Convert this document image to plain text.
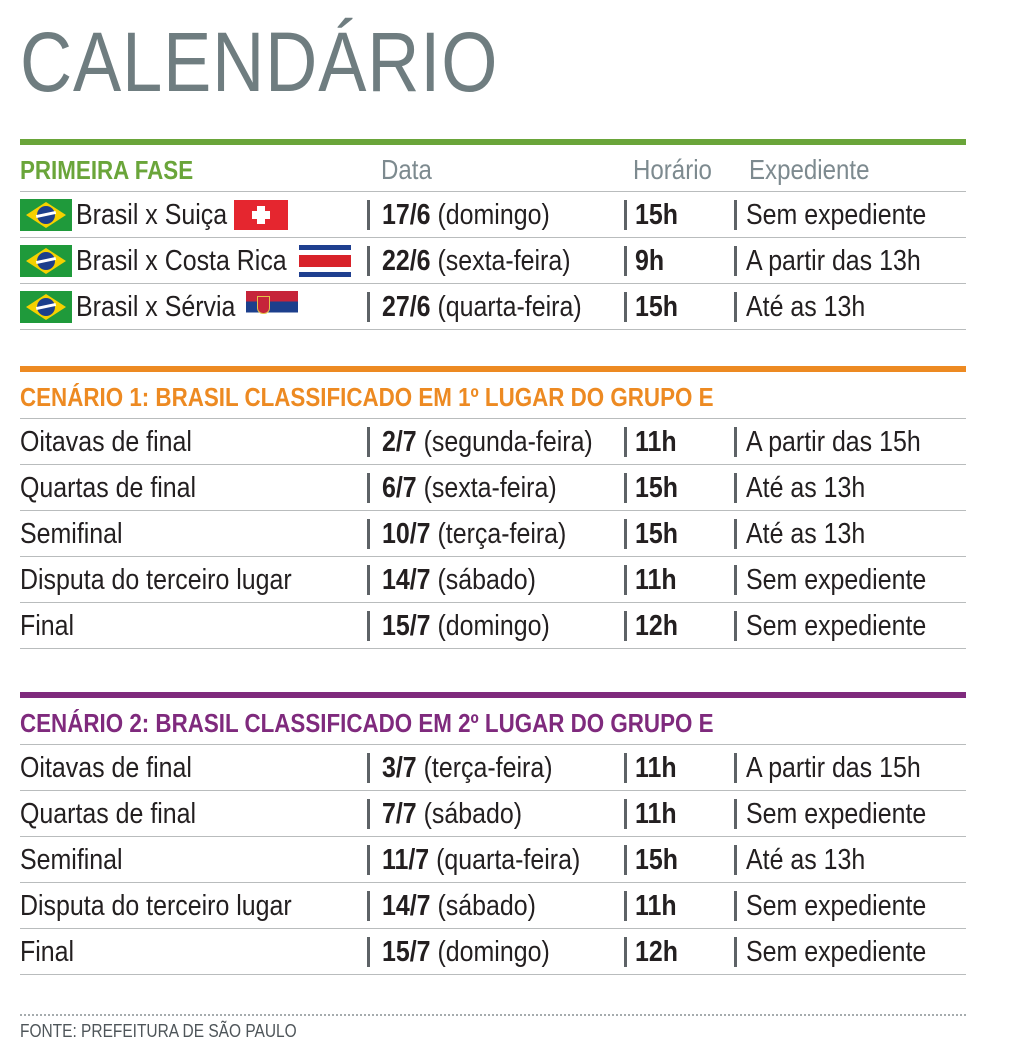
CALENDÁRIO
PRIMEIRA FASE	Data	Horário Expediente
Brasil x Suiça	17/6 (domingo)	15h Sem expediente
Brasil x Costa Rica	22/6 (sexta-feira) 9h	A partir das 13h
Brasil x Sérvia	27/6 (quarta-feira) 15h Até as 13h
CENÁRIO 1: BRASIL CLASSIFICADO EM 1º LUGAR DO GRUPO E
Oitavas de final	2/7 (segunda-feira) 11h A partir das 15h
Quartas de final	6/7 (sexta-feira)	15h Até as 13h
Semifinal	10/7 (terça-feira) 15h Até as 13h
Disputa do terceiro lugar	14/7 (sábado)	11h Sem expediente
Final	15/7 (domingo)	12h Sem expediente
CENÁRIO 2: BRASIL CLASSIFICADO EM 2º LUGAR DO GRUPO E
Oitavas de final	3/7 (terça-feira)	11h A partir das 15h
Quartas de final	7/7 (sábado)	11h Sem expediente
Semifinal	11/7 (quarta-feira) 15h Até as 13h
Disputa do terceiro lugar	14/7 (sábado)	11h Sem expediente
Final	15/7 (domingo)	12h Sem expediente
FONTE: PREFEITURA DE SÃO PAULO
